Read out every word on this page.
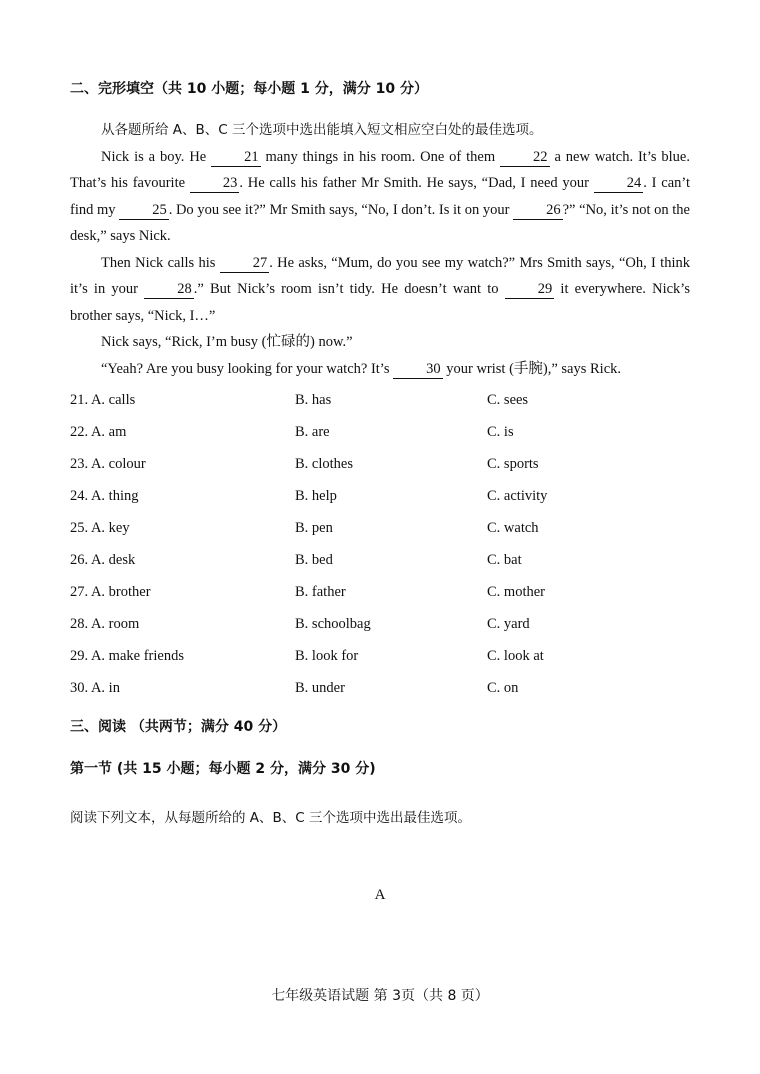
二、完形填空（共 10 小题；每小题 1 分，满分 10 分）

从各题所给 A、B、C 三个选项中选出能填入短文相应空白处的最佳选项。

Nick is a boy. He 21 many things in his room. One of them 22 a new watch. It’s blue. That’s his favourite 23 . He calls his father Mr Smith. He says, “Dad, I need your 24 . I can’t find my 25 . Do you see it?” Mr Smith says, “No, I don’t. Is it on your 26 ?” “No, it’s not on the desk,” says Nick.

Then Nick calls his 27 . He asks, “Mum, do you see my watch?” Mrs Smith says, “Oh, I think it’s in your 28 .” But Nick’s room isn’t tidy. He doesn’t want to 29 it everywhere. Nick’s brother says, “Nick, I…”

Nick says, “Rick, I’m busy (忙碌的) now.”

“Yeah? Are you busy looking for your watch? It’s 30 your wrist (手腕),” says Rick.

21. A. calls	B. has	C. sees
22. A. am	B. are	C. is
23. A. colour	B. clothes	C. sports
24. A. thing	B. help	C. activity
25. A. key	B. pen	C. watch
26. A. desk	B. bed	C. bat
27. A. brother	B. father	C. mother
28. A. room	B. schoolbag	C. yard
29. A. make friends	B. look for	C. look at
30. A. in	B. under	C. on
三、阅读 （共两节；满分 40 分）
第一节 (共 15 小题；每小题 2 分，满分 30 分)
阅读下列文本，从每题所给的 A、B、C 三个选项中选出最佳选项。
A
七年级英语试题 第 3页（共 8 页）
